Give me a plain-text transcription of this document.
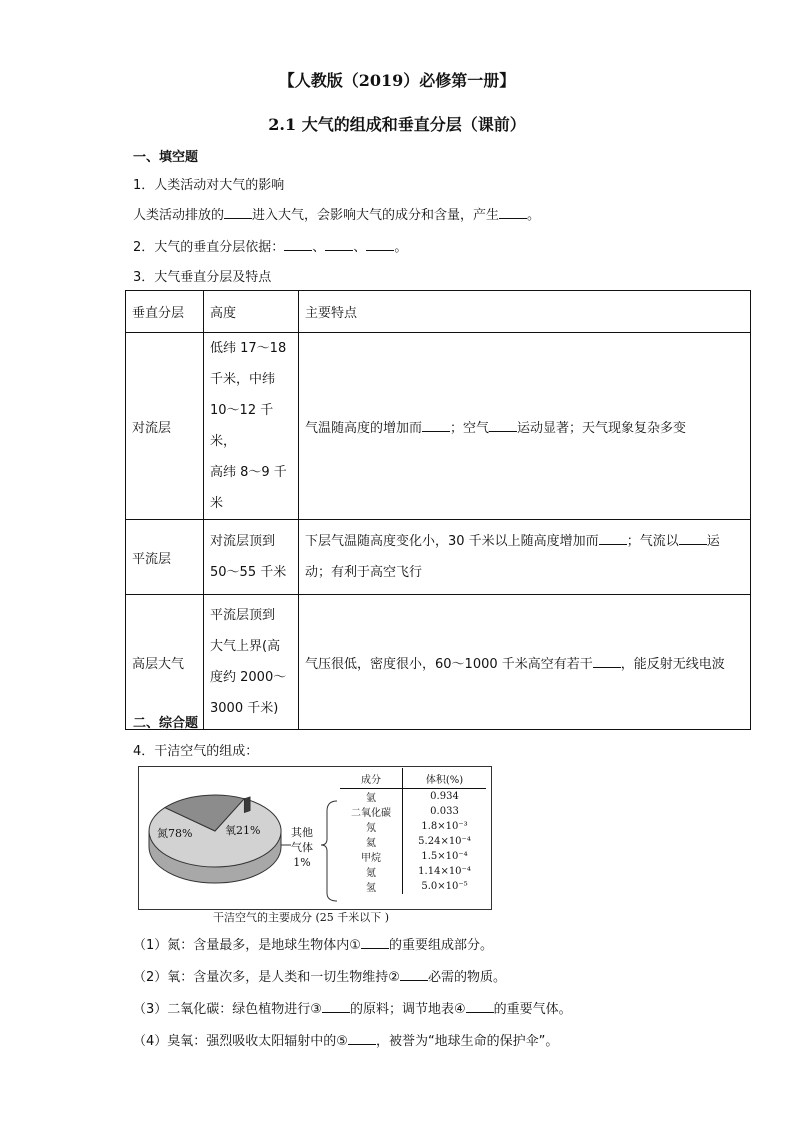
【人教版（2019）必修第一册】
2.1 大气的组成和垂直分层（课前）
一、填空题
1．人类活动对大气的影响
人类活动排放的 进入大气，会影响大气的成分和含量，产生 。
2．大气的垂直分层依据： 、 、 。
3．大气垂直分层及特点
垂直分层	高度	主要特点
对流层	低纬 17～18
千米，中纬
10～12 千米，
高纬 8～9 千
米	气温随高度的增加而 ；空气 运动显著；天气现象复杂多变
平流层	对流层顶到
50～55 千米	下层气温随高度变化小，30 千米以上随高度增加而 ；气流以 运动；有利于高空飞行
高层大气	平流层顶到
大气上界(高
度约 2000～
3000 千米)	气压很低，密度很小，60～1000 千米高空有若干 ，能反射无线电波
二、综合题
4．干洁空气的组成：
氮78%	氧21%	其他
气体
1%
成分	体积(%)
氩	0.934
二氧化碳	0.033
氖	1.8×10⁻³
氦	5.24×10⁻⁴
甲烷	1.5×10⁻⁴
氪	1.14×10⁻⁴
氢	5.0×10⁻⁵
干洁空气的主要成分 (25 千米以下 )
（1）氮：含量最多，是地球生物体内① 的重要组成部分。
（2）氧：含量次多，是人类和一切生物维持② 必需的物质。
（3）二氧化碳：绿色植物进行③ 的原料；调节地表④ 的重要气体。
（4）臭氧：强烈吸收太阳辐射中的⑤ ，被誉为“地球生命的保护伞”。
